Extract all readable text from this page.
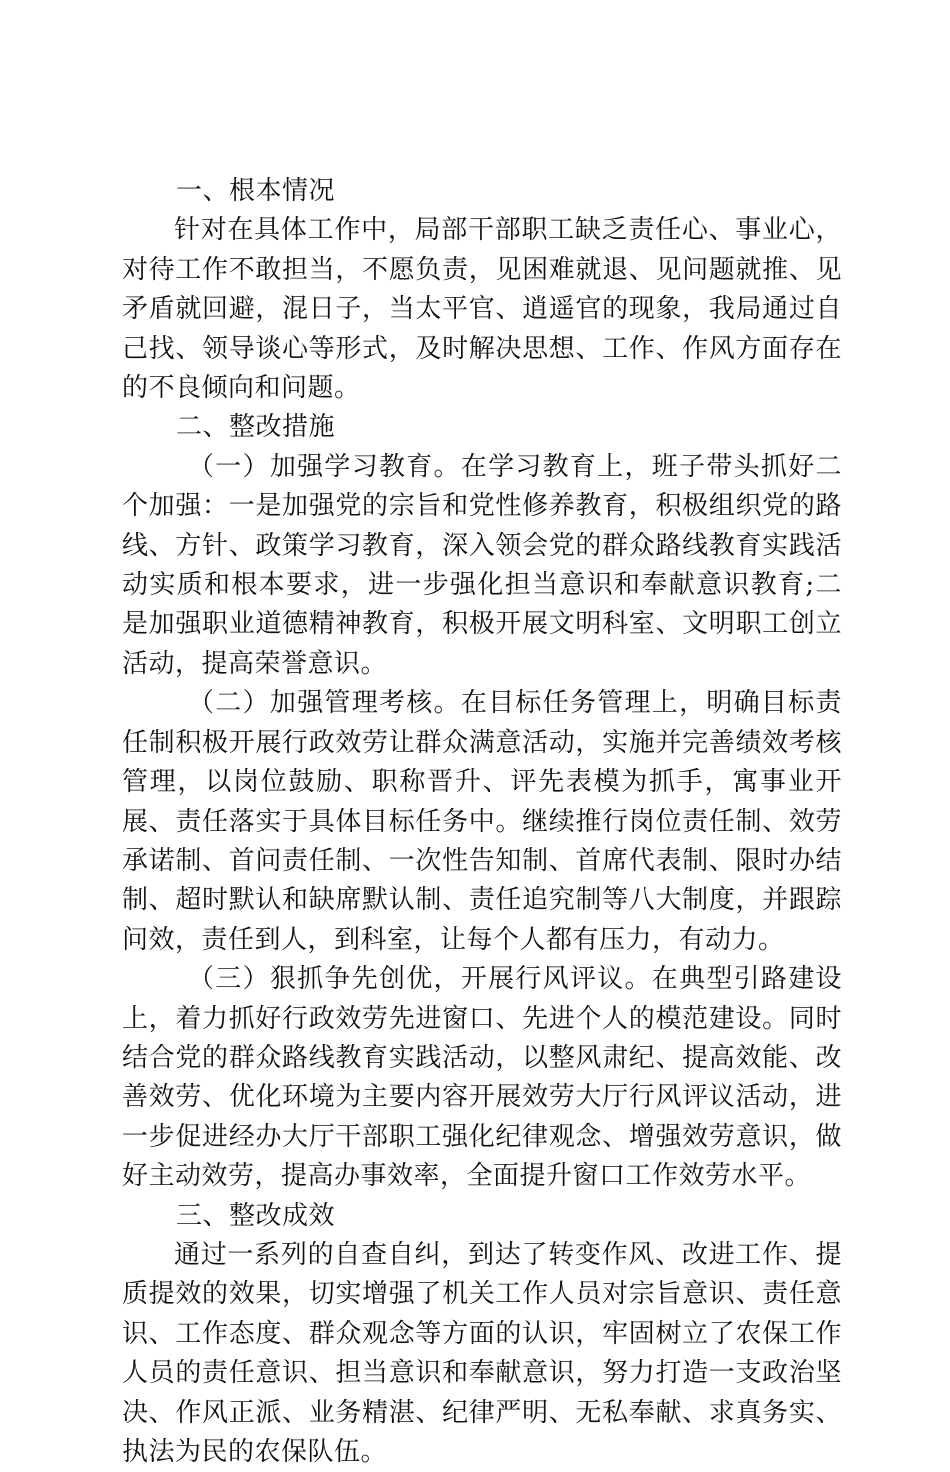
一、根本情况

针对在具体工作中，局部干部职工缺乏责任心、事业心，对待工作不敢担当，不愿负责，见困难就退、见问题就推、见矛盾就回避，混日子，当太平官、逍遥官的现象，我局通过自己找、领导谈心等形式，及时解决思想、工作、作风方面存在的不良倾向和问题。

二、整改措施

（一）加强学习教育。在学习教育上，班子带头抓好二个加强：一是加强党的宗旨和党性修养教育，积极组织党的路线、方针、政策学习教育，深入领会党的群众路线教育实践活动实质和根本要求，进一步强化担当意识和奉献意识教育;二是加强职业道德精神教育，积极开展文明科室、文明职工创立活动，提高荣誉意识。

（二）加强管理考核。在目标任务管理上，明确目标责任制积极开展行政效劳让群众满意活动，实施并完善绩效考核管理，以岗位鼓励、职称晋升、评先表模为抓手，寓事业开展、责任落实于具体目标任务中。继续推行岗位责任制、效劳承诺制、首问责任制、一次性告知制、首席代表制、限时办结制、超时默认和缺席默认制、责任追究制等八大制度，并跟踪问效，责任到人，到科室，让每个人都有压力，有动力。

（三）狠抓争先创优，开展行风评议。在典型引路建设上，着力抓好行政效劳先进窗口、先进个人的模范建设。同时结合党的群众路线教育实践活动，以整风肃纪、提高效能、改善效劳、优化环境为主要内容开展效劳大厅行风评议活动，进一步促进经办大厅干部职工强化纪律观念、增强效劳意识，做好主动效劳，提高办事效率，全面提升窗口工作效劳水平。

三、整改成效

通过一系列的自查自纠，到达了转变作风、改进工作、提质提效的效果，切实增强了机关工作人员对宗旨意识、责任意识、工作态度、群众观念等方面的认识，牢固树立了农保工作人员的责任意识、担当意识和奉献意识，努力打造一支政治坚决、作风正派、业务精湛、纪律严明、无私奉献、求真务实、执法为民的农保队伍。
